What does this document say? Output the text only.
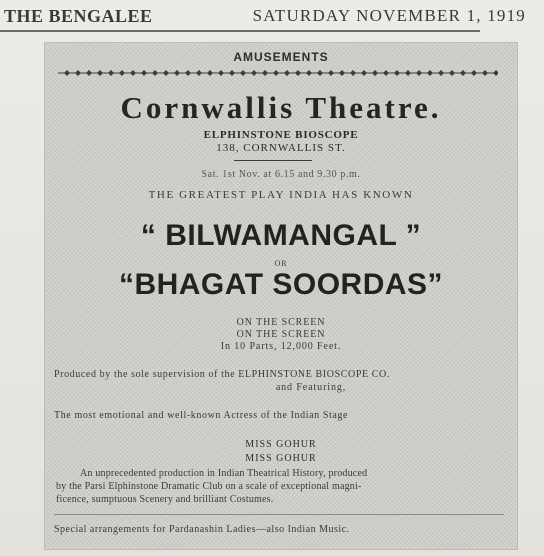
THE BENGALEE	SATURDAY NOVEMBER 1, 1919
AMUSEMENTS
Cornwallis Theatre.
ELPHINSTONE BIOSCOPE
138, CORNWALLIS ST.
Sat. 1st Nov. at 6.15 and 9.30 p.m.
THE GREATEST PLAY INDIA HAS KNOWN
“ BILWAMANGAL ”
OR
“BHAGAT SOORDAS”
ON THE SCREEN
ON THE SCREEN
In 10 Parts, 12,000 Feet.
Produced by the sole supervision of the ELPHINSTONE BIOSCOPE CO.
and Featuring,
The most emotional and well-known Actress of the Indian Stage
MISS GOHUR
MISS GOHUR
An unprecedented production in Indian Theatrical History, produced
by the Parsi Elphinstone Dramatic Club on a scale of exceptional magni-
ficence, sumptuous Scenery and brilliant Costumes.
Special arrangements for Pardanashin Ladies—also Indian Music.
